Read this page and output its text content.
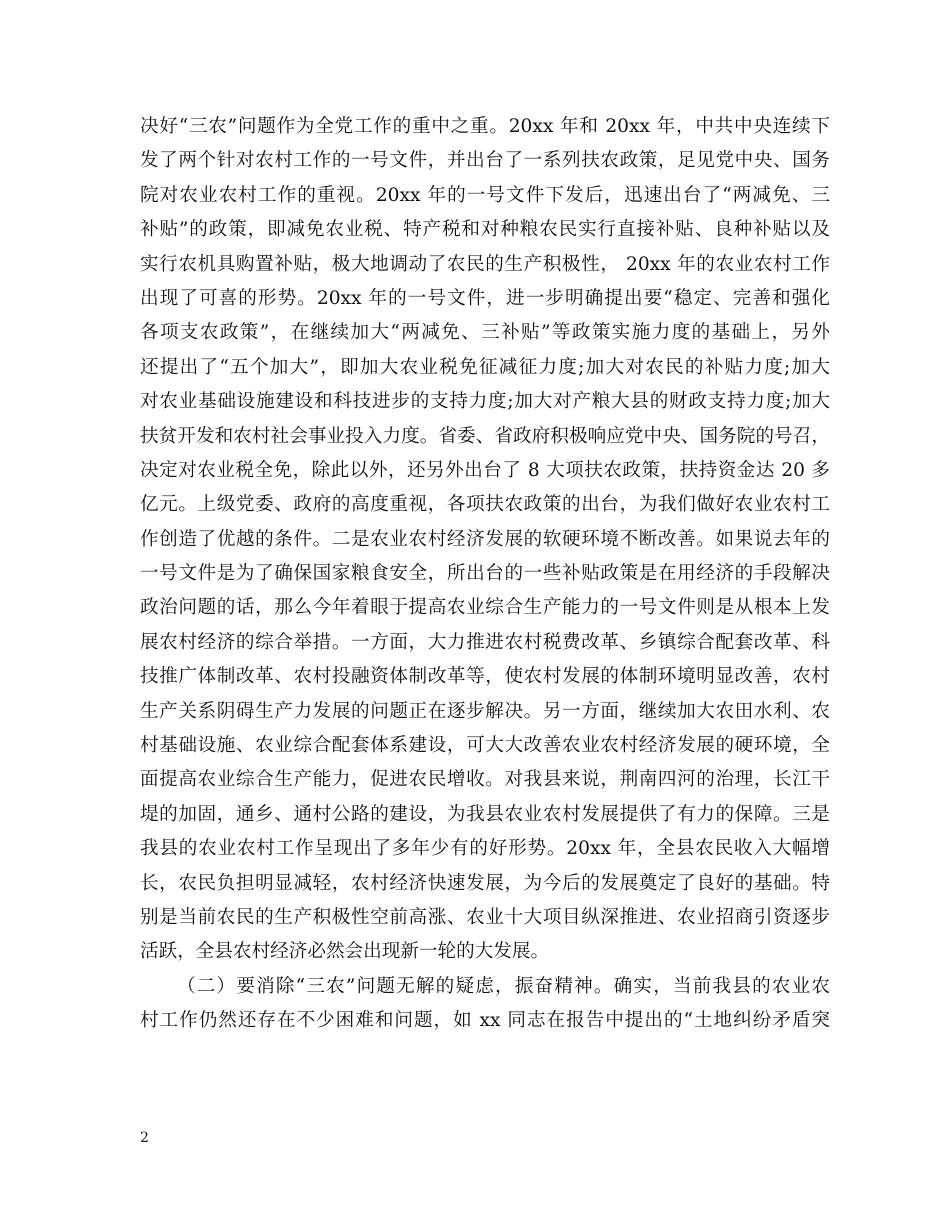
决好“三农”问题作为全党工作的重中之重。20xx 年和 20xx 年，中共中央连续下
发了两个针对农村工作的一号文件，并出台了一系列扶农政策，足见党中央、国务
院对农业农村工作的重视。20xx 年的一号文件下发后，迅速出台了“两减免、三
补贴”的政策，即减免农业税、特产税和对种粮农民实行直接补贴、良种补贴以及
实行农机具购置补贴，极大地调动了农民的生产积极性， 20xx 年的农业农村工作
出现了可喜的形势。20xx 年的一号文件，进一步明确提出要“稳定、完善和强化
各项支农政策”，在继续加大“两减免、三补贴”等政策实施力度的基础上，另外
还提出了“五个加大”，即加大农业税免征减征力度;加大对农民的补贴力度;加大
对农业基础设施建设和科技进步的支持力度;加大对产粮大县的财政支持力度;加大
扶贫开发和农村社会事业投入力度。省委、省政府积极响应党中央、国务院的号召，
决定对农业税全免，除此以外，还另外出台了 8 大项扶农政策，扶持资金达 20 多
亿元。上级党委、政府的高度重视，各项扶农政策的出台，为我们做好农业农村工
作创造了优越的条件。二是农业农村经济发展的软硬环境不断改善。如果说去年的
一号文件是为了确保国家粮食安全，所出台的一些补贴政策是在用经济的手段解决
政治问题的话，那么今年着眼于提高农业综合生产能力的一号文件则是从根本上发
展农村经济的综合举措。一方面，大力推进农村税费改革、乡镇综合配套改革、科
技推广体制改革、农村投融资体制改革等，使农村发展的体制环境明显改善，农村
生产关系阴碍生产力发展的问题正在逐步解决。另一方面，继续加大农田水利、农
村基础设施、农业综合配套体系建设，可大大改善农业农村经济发展的硬环境，全
面提高农业综合生产能力，促进农民增收。对我县来说，荆南四河的治理，长江干
堤的加固，通乡、通村公路的建设，为我县农业农村发展提供了有力的保障。三是
我县的农业农村工作呈现出了多年少有的好形势。20xx 年，全县农民收入大幅增
长，农民负担明显减轻，农村经济快速发展，为今后的发展奠定了良好的基础。特
别是当前农民的生产积极性空前高涨、农业十大项目纵深推进、农业招商引资逐步
活跃，全县农村经济必然会出现新一轮的大发展。
（二）要消除“三农”问题无解的疑虑，振奋精神。确实，当前我县的农业农
村工作仍然还存在不少困难和问题，如 xx 同志在报告中提出的“土地纠纷矛盾突
2
